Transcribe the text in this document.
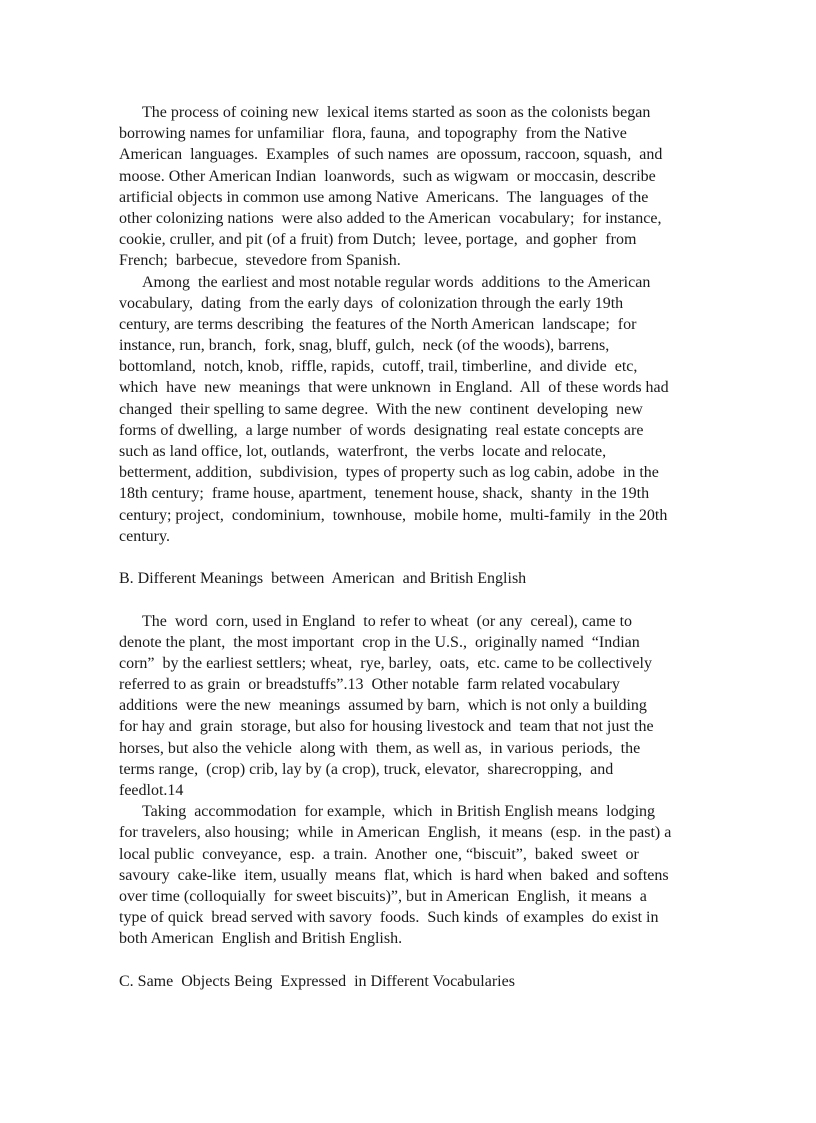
The process of coining new  lexical items started as soon as the colonists began
borrowing names for unfamiliar  flora, fauna,  and topography  from the Native
American  languages.  Examples  of such names  are opossum, raccoon, squash,  and
moose. Other American Indian  loanwords,  such as wigwam  or moccasin, describe
artificial objects in common use among Native  Americans.  The  languages  of the
other colonizing nations  were also added to the American  vocabulary;  for instance,
cookie, cruller, and pit (of a fruit) from Dutch;  levee, portage,  and gopher  from
French;  barbecue,  stevedore from Spanish.
Among  the earliest and most notable regular words  additions  to the American
vocabulary,  dating  from the early days  of colonization through the early 19th
century, are terms describing  the features of the North American  landscape;  for
instance, run, branch,  fork, snag, bluff, gulch,  neck (of the woods), barrens,
bottomland,  notch, knob,  riffle, rapids,  cutoff, trail, timberline,  and divide  etc,
which  have  new  meanings  that were unknown  in England.  All  of these words had
changed  their spelling to same degree.  With the new  continent  developing  new
forms of dwelling,  a large number  of words  designating  real estate concepts are
such as land office, lot, outlands,  waterfront,  the verbs  locate and relocate,
betterment, addition,  subdivision,  types of property such as log cabin, adobe  in the
18th century;  frame house, apartment,  tenement house, shack,  shanty  in the 19th
century; project,  condominium,  townhouse,  mobile home,  multi-family  in the 20th
century.
B. Different Meanings  between  American  and British English
The  word  corn, used in England  to refer to wheat  (or any  cereal), came to
denote the plant,  the most important  crop in the U.S.,  originally named  “Indian
corn”  by the earliest settlers; wheat,  rye, barley,  oats,  etc. came to be collectively
referred to as grain  or breadstuffs”.13  Other notable  farm related vocabulary
additions  were the new  meanings  assumed by barn,  which is not only a building
for hay and  grain  storage, but also for housing livestock and  team that not just the
horses, but also the vehicle  along with  them, as well as,  in various  periods,  the
terms range,  (crop) crib, lay by (a crop), truck, elevator,  sharecropping,  and
feedlot.14
Taking  accommodation  for example,  which  in British English means  lodging
for travelers, also housing;  while  in American  English,  it means  (esp.  in the past) a
local public  conveyance,  esp.  a train.  Another  one, “biscuit”,  baked  sweet  or
savoury  cake-like  item, usually  means  flat, which  is hard when  baked  and softens
over time (colloquially  for sweet biscuits)”, but in American  English,  it means  a
type of quick  bread served with savory  foods.  Such kinds  of examples  do exist in
both American  English and British English.
C. Same  Objects Being  Expressed  in Different Vocabularies
